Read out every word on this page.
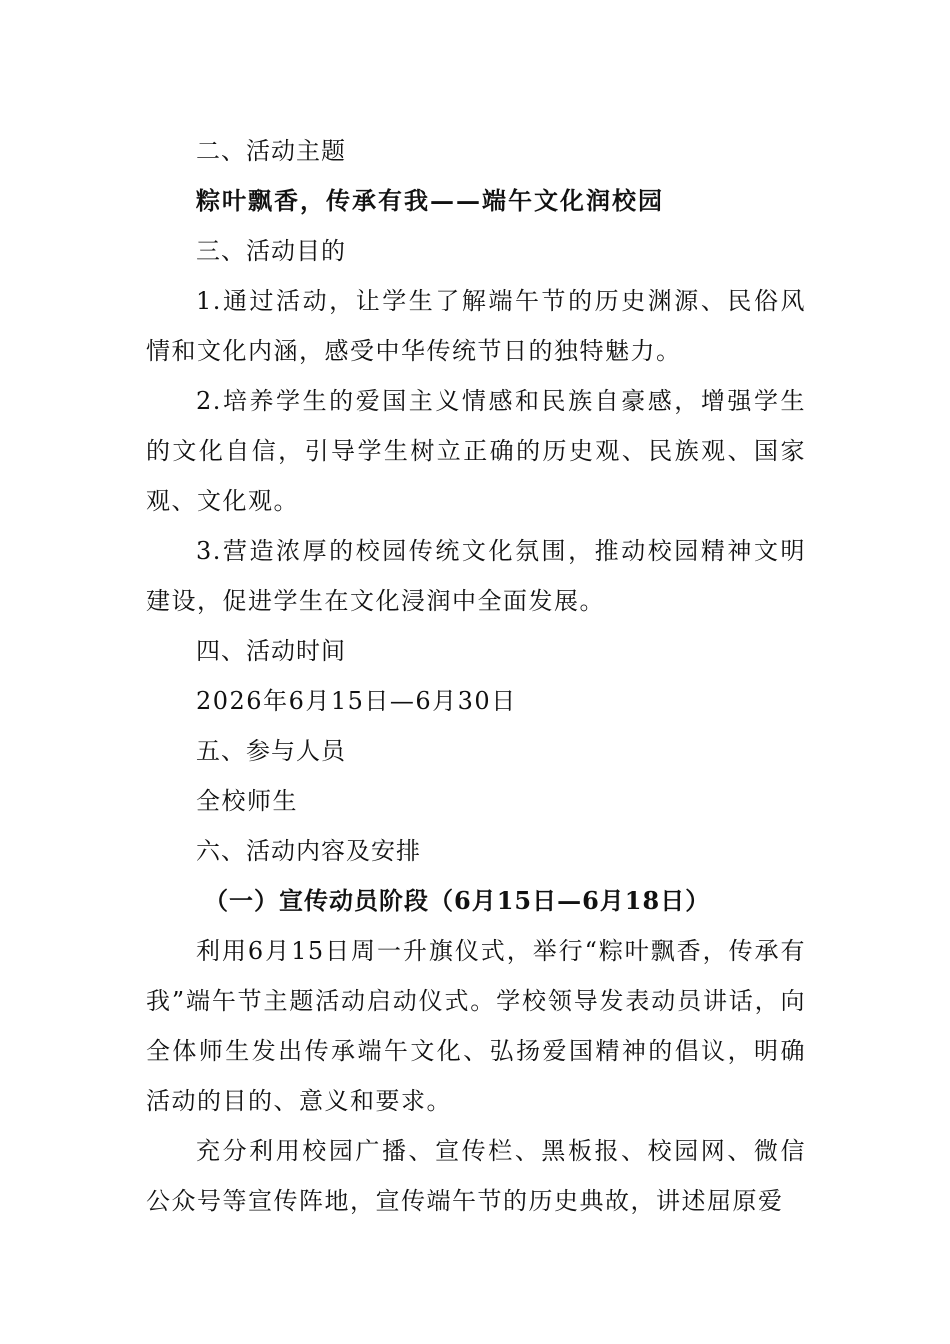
二、活动主题
粽叶飘香，传承有我——端午文化润校园
三、活动目的
1.通过活动，让学生了解端午节的历史渊源、民俗风情和文化内涵，感受中华传统节日的独特魅力。
2.培养学生的爱国主义情感和民族自豪感，增强学生的文化自信，引导学生树立正确的历史观、民族观、国家观、文化观。
3.营造浓厚的校园传统文化氛围，推动校园精神文明建设，促进学生在文化浸润中全面发展。
四、活动时间
2026年6月15日—6月30日
五、参与人员
全校师生
六、活动内容及安排
（一）宣传动员阶段（6月15日—6月18日）
利用6月15日周一升旗仪式，举行“粽叶飘香，传承有我”端午节主题活动启动仪式。学校领导发表动员讲话，向全体师生发出传承端午文化、弘扬爱国精神的倡议，明确活动的目的、意义和要求。
充分利用校园广播、宣传栏、黑板报、校园网、微信公众号等宣传阵地，宣传端午节的历史典故，讲述屈原爱
